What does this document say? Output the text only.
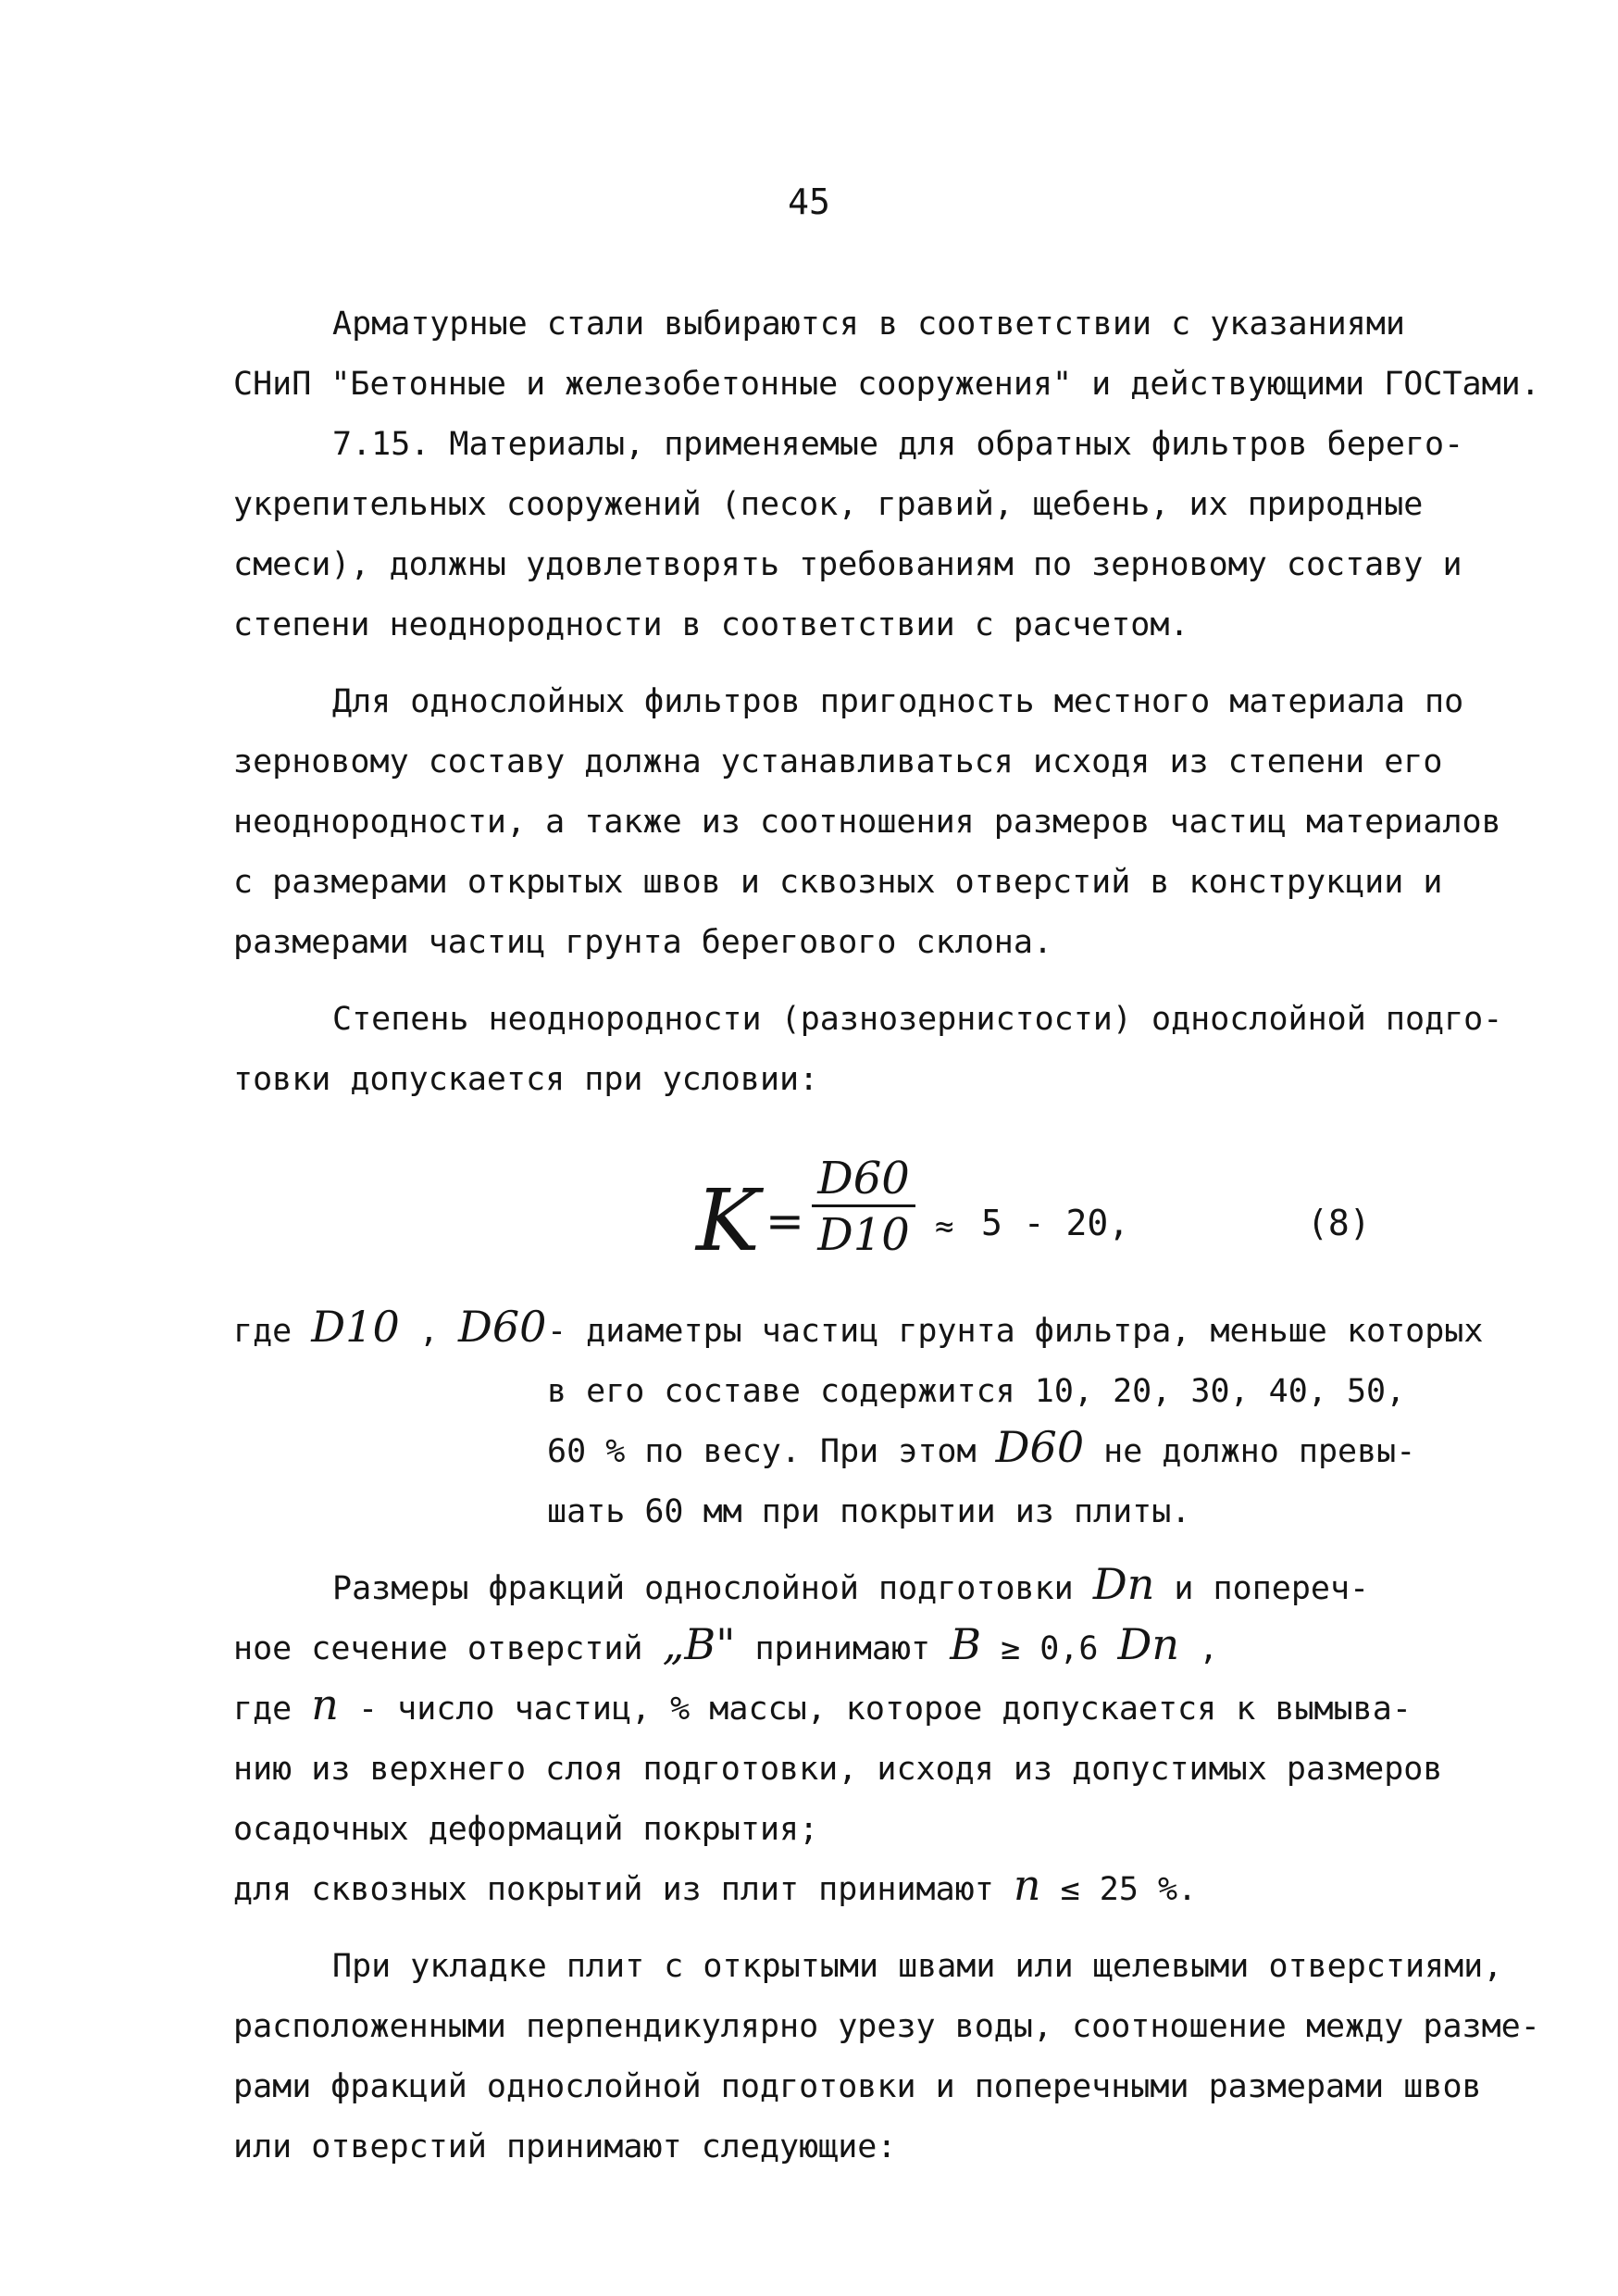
45

Арматурные стали выбираются в соответствии с указаниями

СНиП "Бетонные и железобетонные сооружения" и действующими ГОСТами.

7.15. Материалы, применяемые для обратных фильтров берего-

укрепительных сооружений (песок, гравий, щебень, их природные

смеси), должны удовлетворять требованиям по зерновому составу и

степени неоднородности в соответствии с расчетом.

Для однослойных фильтров пригодность местного материала по

зерновому составу должна устанавливаться исходя из степени его

неоднородности, а также из соотношения размеров частиц материалов

с размерами открытых швов и сквозных отверстий в конструкции и

размерами частиц грунта берегового склона.

Степень неоднородности (разнозернистости) однослойной подго-

товки допускается при условии:

K =
D60
D10 ≈ 5 - 20,	(8)
где D10 , D60 - диаметры частиц грунта фильтра, меньше которых

в его составе содержится 10, 20, 30, 40, 50,

60 % по весу. При этом D60 не должно превы-

шать 60 мм при покрытии из плиты.

Размеры фракций однослойной подготовки Dn и попереч-

ное сечение отверстий „B" принимают B ≥ 0,6 Dn ,

где n - число частиц, % массы, которое допускается к вымыва-

нию из верхнего слоя подготовки, исходя из допустимых размеров

осадочных деформаций покрытия;

для сквозных покрытий из плит принимают n ≤ 25 %.

При укладке плит с открытыми швами или щелевыми отверстиями,

расположенными перпендикулярно урезу воды, соотношение между разме-

рами фракций однослойной подготовки и поперечными размерами швов

или отверстий принимают следующие:
